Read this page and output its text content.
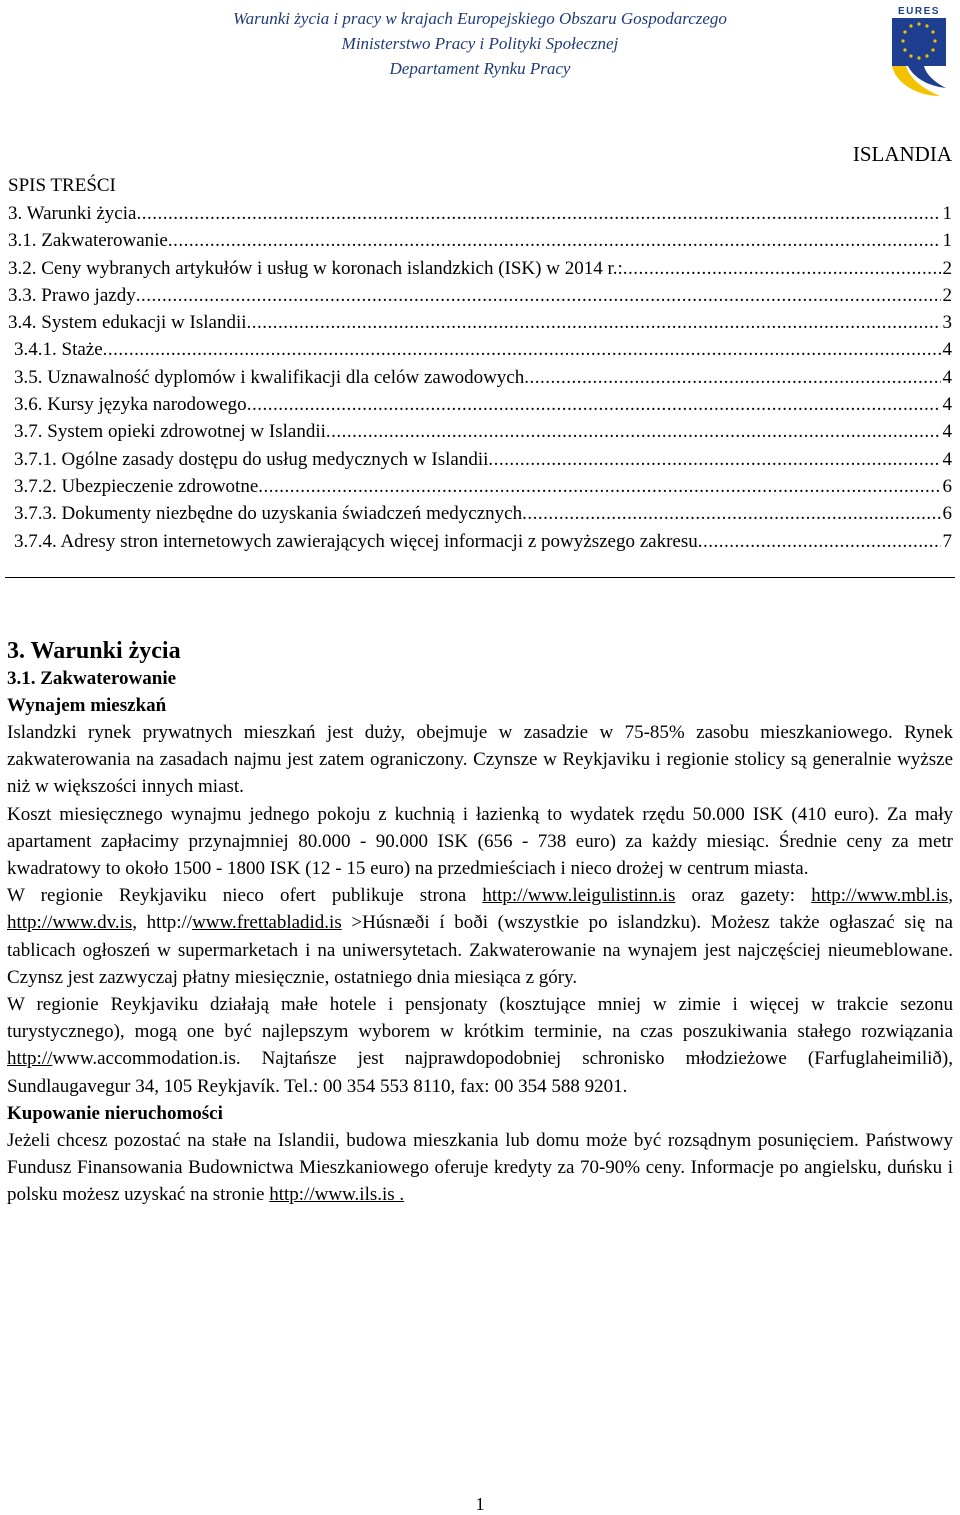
Warunki życia i pracy w krajach Europejskiego Obszaru Gospodarczego
Ministerstwo Pracy i Polityki Społecznej
Departament Rynku Pracy
EURES
ISLANDIA
SPIS TREŚCI
3. Warunki życia .....	1
3.1. Zakwaterowanie .....	1
3.2. Ceny wybranych artykułów i usług w koronach islandzkich (ISK) w 2014 r.: .....	2
3.3. Prawo jazdy .....	2
3.4. System edukacji w Islandii .....	3
3.4.1. Staże .....	4
3.5. Uznawalność dyplomów i kwalifikacji dla celów zawodowych .....	4
3.6. Kursy języka narodowego .....	4
3.7. System opieki zdrowotnej w Islandii .....	4
3.7.1. Ogólne zasady dostępu do usług medycznych w Islandii .....	4
3.7.2. Ubezpieczenie zdrowotne .....	6
3.7.3. Dokumenty niezbędne do uzyskania świadczeń medycznych .....	6
3.7.4. Adresy stron internetowych zawierających więcej informacji z powyższego zakresu .....	7
3. Warunki życia
3.1. Zakwaterowanie
Wynajem mieszkań

Islandzki rynek prywatnych mieszkań jest duży, obejmuje w zasadzie w 75-85% zasobu mieszkaniowego. Rynek zakwaterowania na zasadach najmu jest zatem ograniczony. Czynsze w Reykjaviku i regionie stolicy są generalnie wyższe niż w większości innych miast.

Koszt miesięcznego wynajmu jednego pokoju z kuchnią i łazienką to wydatek rzędu 50.000 ISK (410 euro). Za mały apartament zapłacimy przynajmniej 80.000 - 90.000 ISK (656 - 738 euro) za każdy miesiąc. Średnie ceny za metr kwadratowy to około 1500 - 1800 ISK (12 - 15 euro) na przedmieściach i nieco drożej w centrum miasta.

W regionie Reykjaviku nieco ofert publikuje strona http://www.leigulistinn.is oraz gazety: http://www.mbl.is, http://www.dv.is, http://www.frettabladid.is >Húsnæði í boði (wszystkie po islandzku). Możesz także ogłaszać się na tablicach ogłoszeń w supermarketach i na uniwersytetach. Zakwaterowanie na wynajem jest najczęściej nieumeblowane. Czynsz jest zazwyczaj płatny miesięcznie, ostatniego dnia miesiąca z góry.

W regionie Reykjaviku działają małe hotele i pensjonaty (kosztujące mniej w zimie i więcej w trakcie sezonu turystycznego), mogą one być najlepszym wyborem w krótkim terminie, na czas poszukiwania stałego rozwiązania http://www.accommodation.is. Najtańsze jest najprawdopodobniej schronisko młodzieżowe (Farfuglaheimilið), Sundlaugavegur 34, 105 Reykjavík. Tel.: 00 354 553 8110, fax: 00 354 588 9201.

Kupowanie nieruchomości

Jeżeli chcesz pozostać na stałe na Islandii, budowa mieszkania lub domu może być rozsądnym posunięciem. Państwowy Fundusz Finansowania Budownictwa Mieszkaniowego oferuje kredyty za 70-90% ceny. Informacje po angielsku, duńsku i polsku możesz uzyskać na stronie http://www.ils.is .

1
